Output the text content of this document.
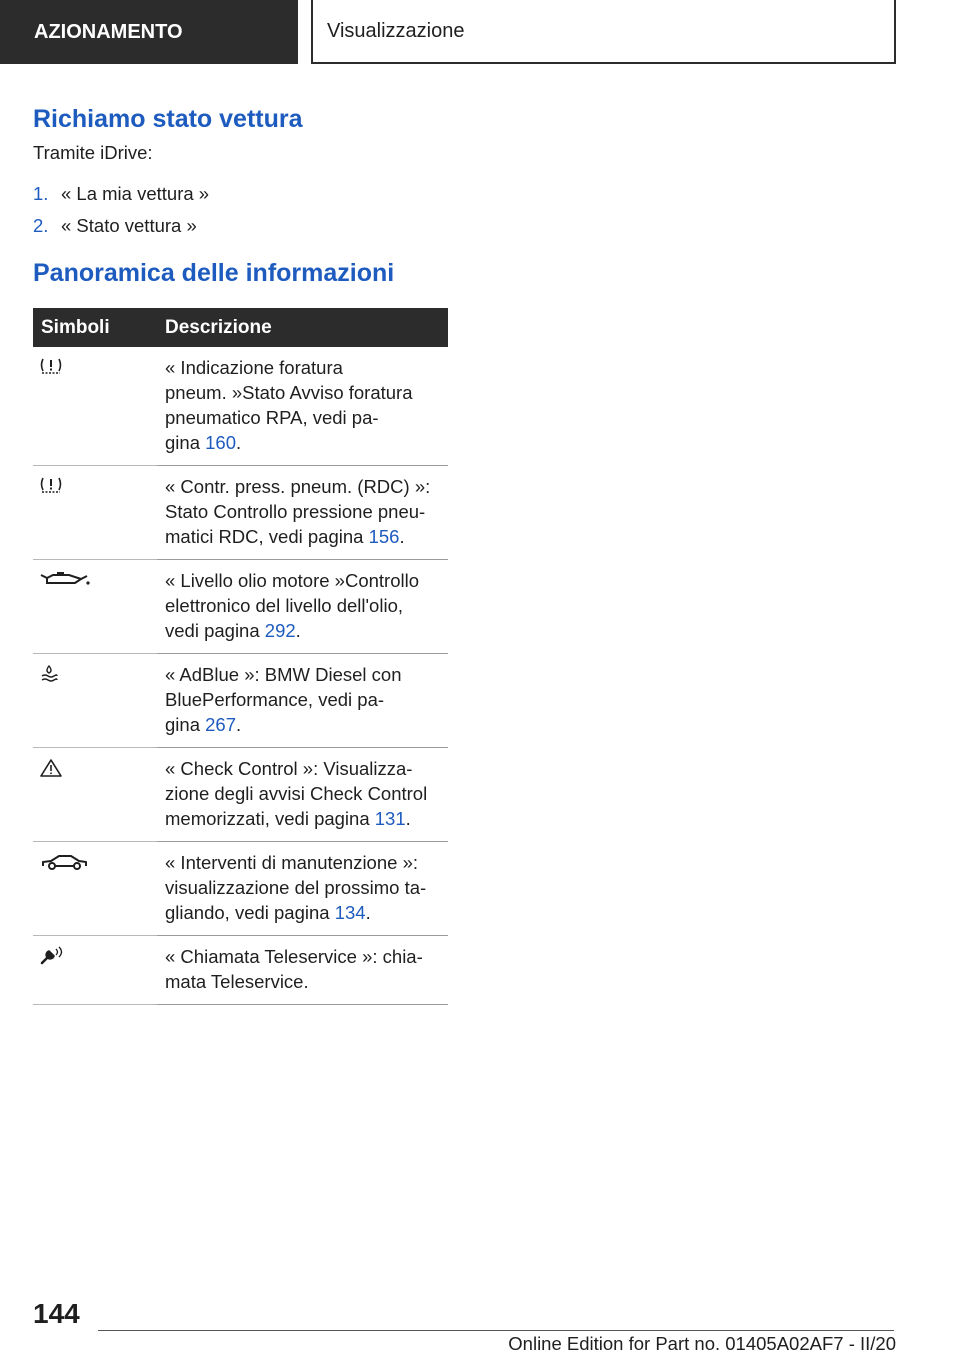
AZIONAMENTO	Visualizzazione
Richiamo stato vettura
Tramite iDrive:
1. « La mia vettura »
2. « Stato vettura »
Panoramica delle informazioni
Simboli	Descrizione

	« Indicazione foratura
pneum. »Stato Avviso foratura
pneumatico RPA, vedi pa-
gina 160.

	« Contr. press. pneum. (RDC) »:
Stato Controllo pressione pneu-
matici RDC, vedi pagina 156.

	« Livello olio motore »Controllo
elettronico del livello dell'olio,
vedi pagina 292.

	« AdBlue »: BMW Diesel con
BluePerformance, vedi pa-
gina 267.

	« Check Control »: Visualizza-
zione degli avvisi Check Control
memorizzati, vedi pagina 131.

	« Interventi di manutenzione »:
visualizzazione del prossimo ta-
gliando, vedi pagina 134.

	« Chiamata Teleservice »: chia-
mata Teleservice.
144
Online Edition for Part no. 01405A02AF7 - II/20
